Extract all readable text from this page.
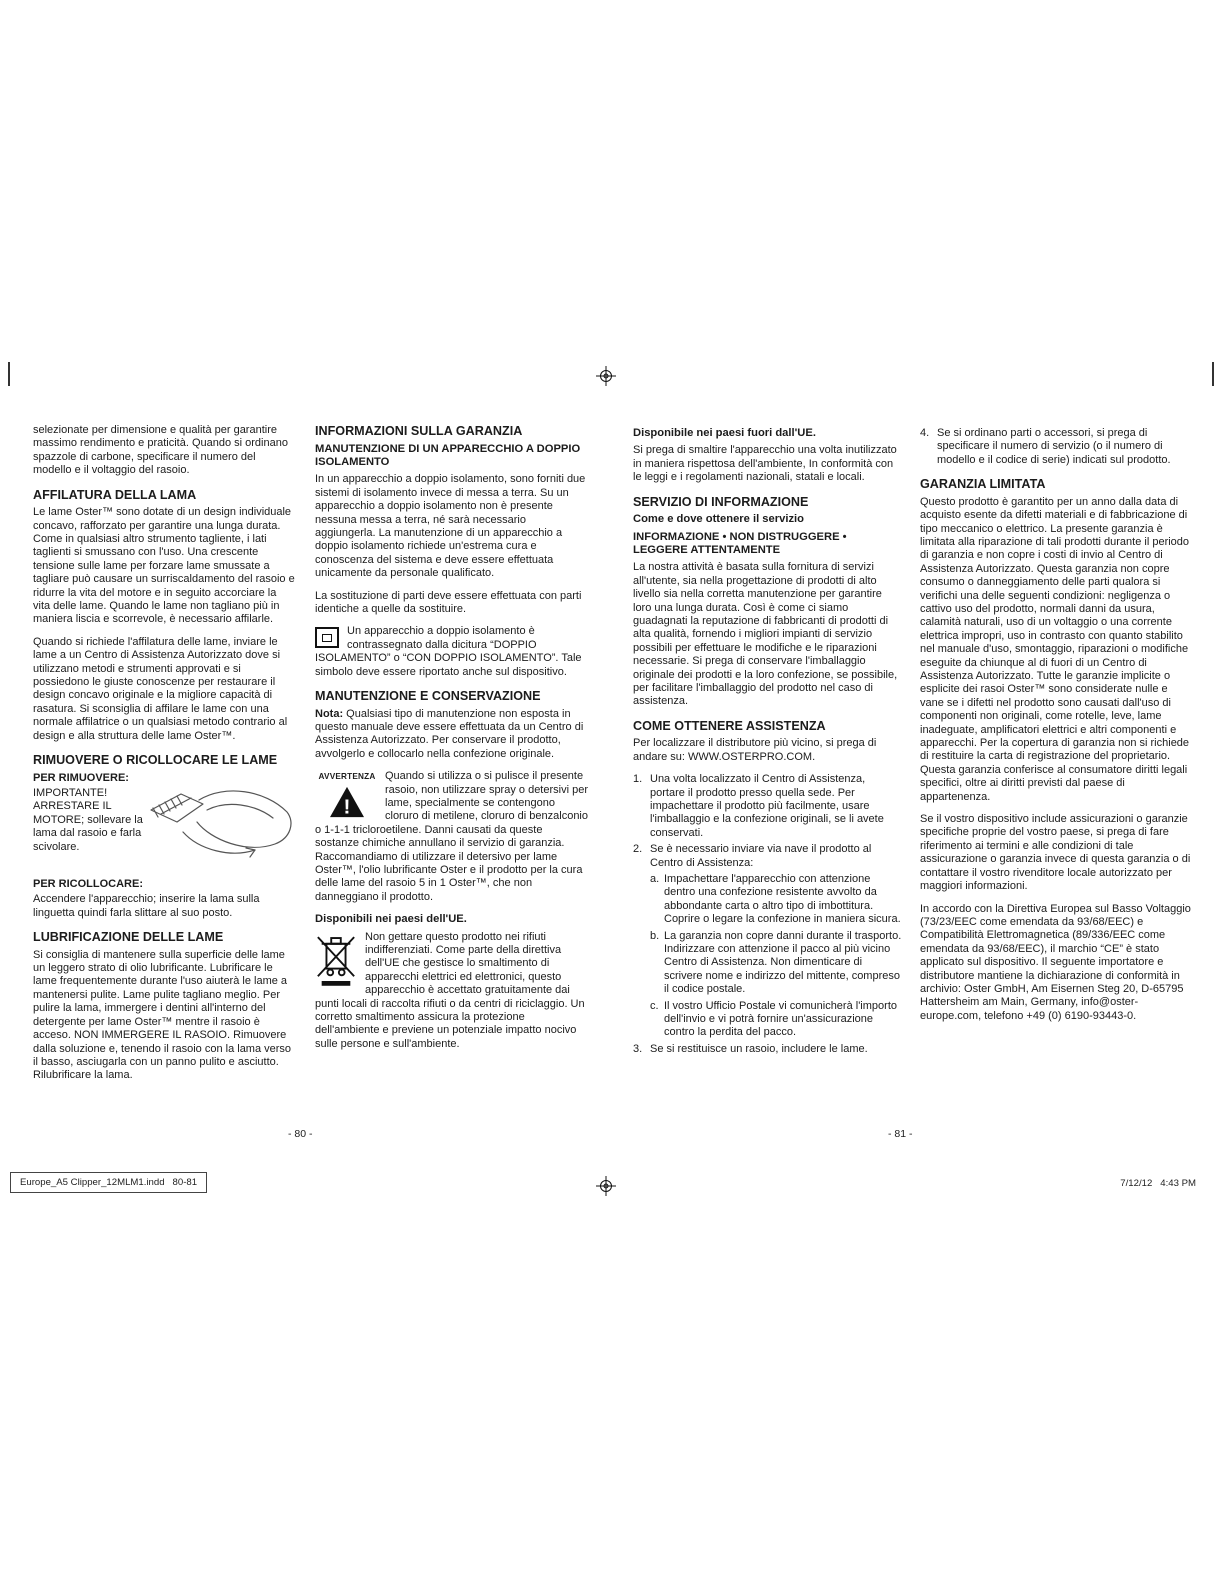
selezionate per dimensione e qualità per garantire massimo rendimento e praticità. Quando si ordinano spazzole di carbone, specificare il numero del modello e il voltaggio del rasoio.

AFFILATURA DELLA LAMA

Le lame Oster™ sono dotate di un design individuale concavo, rafforzato per garantire una lunga durata. Come in qualsiasi altro strumento tagliente, i lati taglienti si smussano con l'uso. Una crescente tensione sulle lame per forzare lame smussate a tagliare può causare un surriscaldamento del rasoio e ridurre la vita del motore e in seguito accorciare la vita delle lame. Quando le lame non tagliano più in maniera liscia e scorrevole, è necessario affilarle.

Quando si richiede l'affilatura delle lame, inviare le lame a un Centro di Assistenza Autorizzato dove si utilizzano metodi e strumenti approvati e si possiedono le giuste conoscenze per restaurare il design concavo originale e la migliore capacità di rasatura. Si sconsiglia di affilare le lame con una normale affilatrice o un qualsiasi metodo contrario al design e alla struttura delle lame Oster™.

RIMUOVERE O RICOLLOCARE LE LAME

PER RIMUOVERE:

IMPORTANTE! ARRESTARE IL MOTORE; sollevare la lama dal rasoio e farla scivolare.

PER RICOLLOCARE:

Accendere l'apparecchio; inserire la lama sulla linguetta quindi farla slittare al suo posto.

LUBRIFICAZIONE DELLE LAME

Si consiglia di mantenere sulla superficie delle lame un leggero strato di olio lubrificante. Lubrificare le lame frequentemente durante l'uso aiuterà le lame a mantenersi pulite. Lame pulite tagliano meglio. Per pulire la lama, immergere i dentini all'interno del detergente per lame Oster™ mentre il rasoio è acceso. NON IMMERGERE IL RASOIO. Rimuovere dalla soluzione e, tenendo il rasoio con la lama verso il basso, asciugarla con un panno pulito e asciutto. Rilubrificare la lama.

INFORMAZIONI SULLA GARANZIA
MANUTENZIONE DI UN APPARECCHIO A DOPPIO ISOLAMENTO

In un apparecchio a doppio isolamento, sono forniti due sistemi di isolamento invece di messa a terra. Su un apparecchio a doppio isolamento non è presente nessuna messa a terra, né sarà necessario aggiungerla. La manutenzione di un apparecchio a doppio isolamento richiede un'estrema cura e conoscenza del sistema e deve essere effettuata unicamente da personale qualificato.

La sostituzione di parti deve essere effettuata con parti identiche a quelle da sostituire.

Un apparecchio a doppio isolamento è contrassegnato dalla dicitura “DOPPIO ISOLAMENTO” o “CON DOPPIO ISOLAMENTO”. Tale simbolo deve essere riportato anche sul dispositivo.
MANUTENZIONE E CONSERVAZIONE

Nota: Qualsiasi tipo di manutenzione non esposta in questo manuale deve essere effettuata da un Centro di Assistenza Autorizzato. Per conservare il prodotto, avvolgerlo e collocarlo nella confezione originale.

AVVERTENZA
!
Quando si utilizza o si pulisce il presente rasoio, non utilizzare spray o detersivi per lame, specialmente se contengono cloruro di metilene, cloruro di benzalconio o 1-1-1 tricloroetilene. Danni causati da queste sostanze chimiche annullano il servizio di garanzia. Raccomandiamo di utilizzare il detersivo per lame Oster™, l'olio lubrificante Oster e il prodotto per la cura delle lame del rasoio 5 in 1 Oster™, che non danneggiano il prodotto.
Disponibili nei paesi dell'UE.
Non gettare questo prodotto nei rifiuti indifferenziati. Come parte della direttiva dell'UE che gestisce lo smaltimento di apparecchi elettrici ed elettronici, questo apparecchio è accettato gratuitamente dai punti locali di raccolta rifiuti o da centri di riciclaggio. Un corretto smaltimento assicura la protezione dell'ambiente e previene un potenziale impatto nocivo sulle persone e sull'ambiente.
Disponibile nei paesi fuori dall'UE.

Si prega di smaltire l'apparecchio una volta inutilizzato in maniera rispettosa dell'ambiente, In conformità con le leggi e i regolamenti nazionali, statali e locali.

SERVIZIO DI INFORMAZIONE
Come e dove ottenere il servizio
INFORMAZIONE • NON DISTRUGGERE • LEGGERE ATTENTAMENTE

La nostra attività è basata sulla fornitura di servizi all'utente, sia nella progettazione di prodotti di alto livello sia nella corretta manutenzione per garantire loro una lunga durata. Così è come ci siamo guadagnati la reputazione di fabbricanti di prodotti di alta qualità, fornendo i migliori impianti di servizio possibili per effettuare le modifiche e le riparazioni necessarie. Si prega di conservare l'imballaggio originale dei prodotti e la loro confezione, se possibile, per facilitare l'imballaggio del prodotto nel caso di assistenza.

COME OTTENERE ASSISTENZA

Per localizzare il distributore più vicino, si prega di andare su: WWW.OSTERPRO.COM.

1. Una volta localizzato il Centro di Assistenza, portare il prodotto presso quella sede. Per impachettare il prodotto più facilmente, usare l'imballaggio e la confezione originali, se li avete conservati.
2. Se è necessario inviare via nave il prodotto al Centro di Assistenza:
a. Impachettare l'apparecchio con attenzione dentro una confezione resistente avvolto da abbondante carta o altro tipo di imbottitura. Coprire o legare la confezione in maniera sicura.
b. La garanzia non copre danni durante il trasporto. Indirizzare con attenzione il pacco al più vicino Centro di Assistenza. Non dimenticare di scrivere nome e indirizzo del mittente, compreso il codice postale.
c. Il vostro Ufficio Postale vi comunicherà l'importo dell'invio e vi potrà fornire un'assicurazione contro la perdita del pacco.
3. Se si restituisce un rasoio, includere le lame.
4. Se si ordinano parti o accessori, si prega di specificare il numero di servizio (o il numero di modello e il codice di serie) indicati sul prodotto.
GARANZIA LIMITATA

Questo prodotto è garantito per un anno dalla data di acquisto esente da difetti materiali e di fabbricazione di tipo meccanico o elettrico. La presente garanzia è limitata alla riparazione di tali prodotti durante il periodo di garanzia e non copre i costi di invio al Centro di Assistenza Autorizzato. Questa garanzia non copre consumo o danneggiamento delle parti qualora si verifichi una delle seguenti condizioni: negligenza o cattivo uso del prodotto, normali danni da usura, calamità naturali, uso di un voltaggio o una corrente elettrica impropri, uso in contrasto con quanto stabilito nel manuale d'uso, smontaggio, riparazioni o modifiche eseguite da chiunque al di fuori di un Centro di Assistenza Autorizzato. Tutte le garanzie implicite o esplicite dei rasoi Oster™ sono considerate nulle e vane se i difetti nel prodotto sono causati dall'uso di componenti non originali, come rotelle, leve, lame inadeguate, amplificatori elettrici e altri componenti e apparecchi. Per la copertura di garanzia non si richiede di restituire la carta di registrazione del proprietario. Questa garanzia conferisce al consumatore diritti legali specifici, oltre ai diritti previsti dal paese di appartenenza.

Se il vostro dispositivo include assicurazioni o garanzie specifiche proprie del vostro paese, si prega di fare riferimento ai termini e alle condizioni di tale assicurazione o garanzia invece di questa garanzia o di contattare il vostro rivenditore locale autorizzato per maggiori informazioni.

In accordo con la Direttiva Europea sul Basso Voltaggio (73/23/EEC come emendata da 93/68/EEC) e Compatibilità Elettromagnetica (89/336/EEC come emendata da 93/68/EEC), il marchio “CE” è stato applicato sul dispositivo. Il seguente importatore e distributore mantiene la dichiarazione di conformità in archivio: Oster GmbH, Am Eisernen Steg 20, D-65795 Hattersheim am Main, Germany, info@oster-europe.com, telefono +49 (0) 6190-93443-0.

- 80 -	- 81 -
Europe_A5 Clipper_12MLM1.indd   80-81	7/12/12   4:43 PM
